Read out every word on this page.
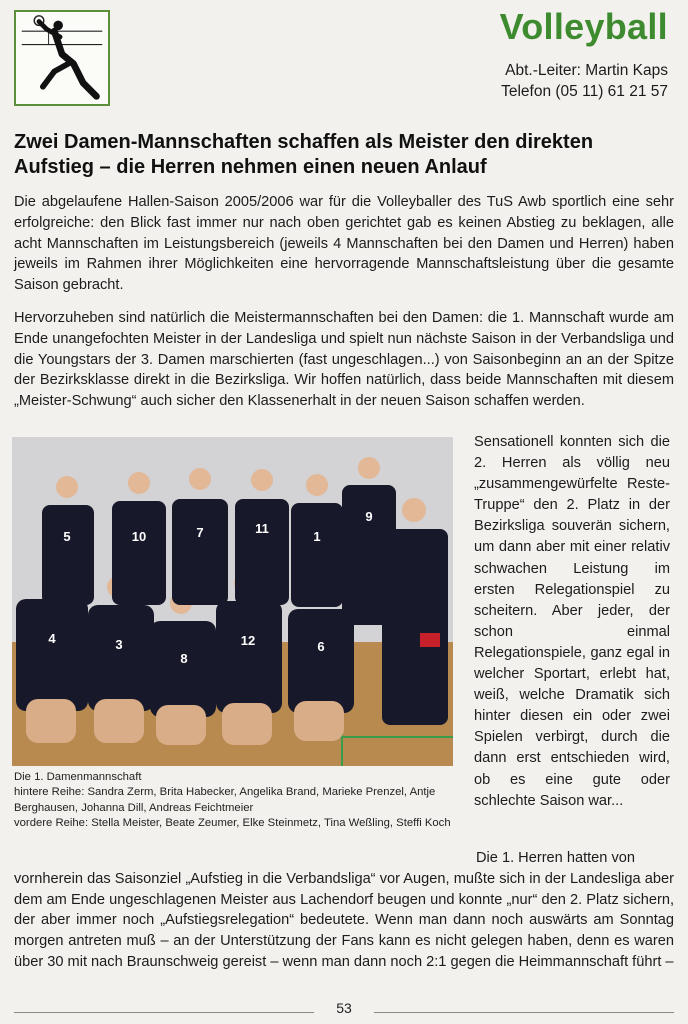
Volleyball
Abt.-Leiter: Martin Kaps
Telefon (05 11) 61 21 57
Zwei Damen-Mannschaften schaffen als Meister den direkten Aufstieg – die Herren nehmen einen neuen Anlauf

Die abgelaufene Hallen-Saison 2005/2006 war für die Volleyballer des TuS Awb sportlich eine sehr erfolgreiche: den Blick fast immer nur nach oben gerichtet gab es keinen Abstieg zu beklagen, alle acht Mannschaften im Leistungsbereich (jeweils 4 Mannschaften bei den Damen und Herren) haben jeweils im Rahmen ihrer Möglichkeiten eine hervorragende Mannschaftsleistung über die gesamte Saison gebracht.

Hervorzuheben sind natürlich die Meistermannschaften bei den Damen: die 1. Mannschaft wurde am Ende unangefochten Meister in der Landesliga und spielt nun nächste Saison in der Verbandsliga und die Youngstars der 3. Damen marschierten (fast ungeschlagen...) von Saisonbeginn an an der Spitze der Bezirksklasse direkt in die Bezirksliga. Wir hoffen natürlich, dass beide Mannschaften mit diesem „Meister-Schwung“ auch sicher den Klassenerhalt in der neuen Saison schaffen werden.

5	10	7	11
1
9
4	3
8
12	6
Die 1. Damenmannschaft
hintere Reihe: Sandra Zerm, Brita Habecker, Angelika Brand, Marieke Prenzel, Antje Berghausen, Johanna Dill, Andreas Feichtmeier
vordere Reihe: Stella Meister, Beate Zeumer, Elke Steinmetz, Tina Weßling, Steffi Koch

Sensationell konnten sich die 2. Herren als völlig neu „zusammengewürfelte Reste-Truppe“ den 2. Platz in der Bezirksliga souverän sichern, um dann aber mit einer relativ schwachen Leistung im ersten Relegationspiel zu scheitern. Aber jeder, der schon einmal Relegationspiele, ganz egal in welcher Sportart, erlebt hat, weiß, welche Dramatik sich hinter diesen ein oder zwei Spielen verbirgt, durch die dann erst entschieden wird, ob es eine gute oder schlechte Saison war...

Die 1. Herren hatten von
vornherein das Saisonziel „Aufstieg in die Verbandsliga“ vor Augen, mußte sich in der Landesliga aber dem am Ende ungeschlagenen Meister aus Lachendorf beugen und konnte „nur“ den 2. Platz sichern, der aber immer noch „Aufstiegsrelegation“ bedeutete. Wenn man dann noch auswärts am Sonntag morgen antreten muß – an der Unterstützung der Fans kann es nicht gelegen haben, denn es waren über 30 mit nach Braunschweig gereist – wenn man dann noch 2:1 gegen die Heimmannschaft führt –

53
